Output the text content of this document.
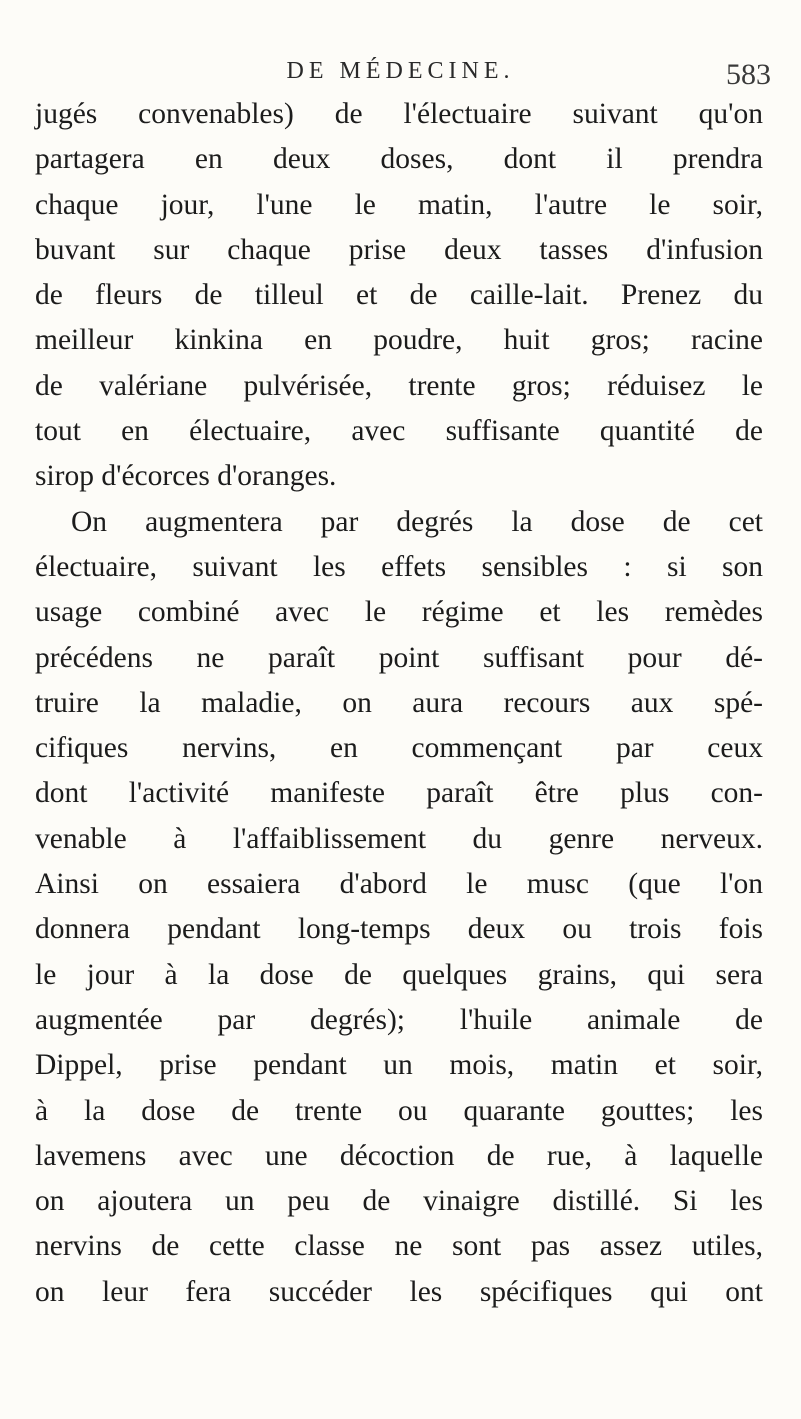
DE MÉDECINE.	583
jugés convenables) de l'électuaire suivant qu'on
partagera en deux doses, dont il prendra
chaque jour, l'une le matin, l'autre le soir,
buvant sur chaque prise deux tasses d'infusion
de fleurs de tilleul et de caille-lait. Prenez du
meilleur kinkina en poudre, huit gros; racine
de valériane pulvérisée, trente gros; réduisez le
tout en électuaire, avec suffisante quantité de
sirop d'écorces d'oranges.
On augmentera par degrés la dose de cet
électuaire, suivant les effets sensibles : si son
usage combiné avec le régime et les remèdes
précédens ne paraît point suffisant pour dé-
truire la maladie, on aura recours aux spé-
cifiques nervins, en commençant par ceux
dont l'activité manifeste paraît être plus con-
venable à l'affaiblissement du genre nerveux.
Ainsi on essaiera d'abord le musc (que l'on
donnera pendant long-temps deux ou trois fois
le jour à la dose de quelques grains, qui sera
augmentée par degrés); l'huile animale de
Dippel, prise pendant un mois, matin et soir,
à la dose de trente ou quarante gouttes; les
lavemens avec une décoction de rue, à laquelle
on ajoutera un peu de vinaigre distillé. Si les
nervins de cette classe ne sont pas assez utiles,
on leur fera succéder les spécifiques qui ont
